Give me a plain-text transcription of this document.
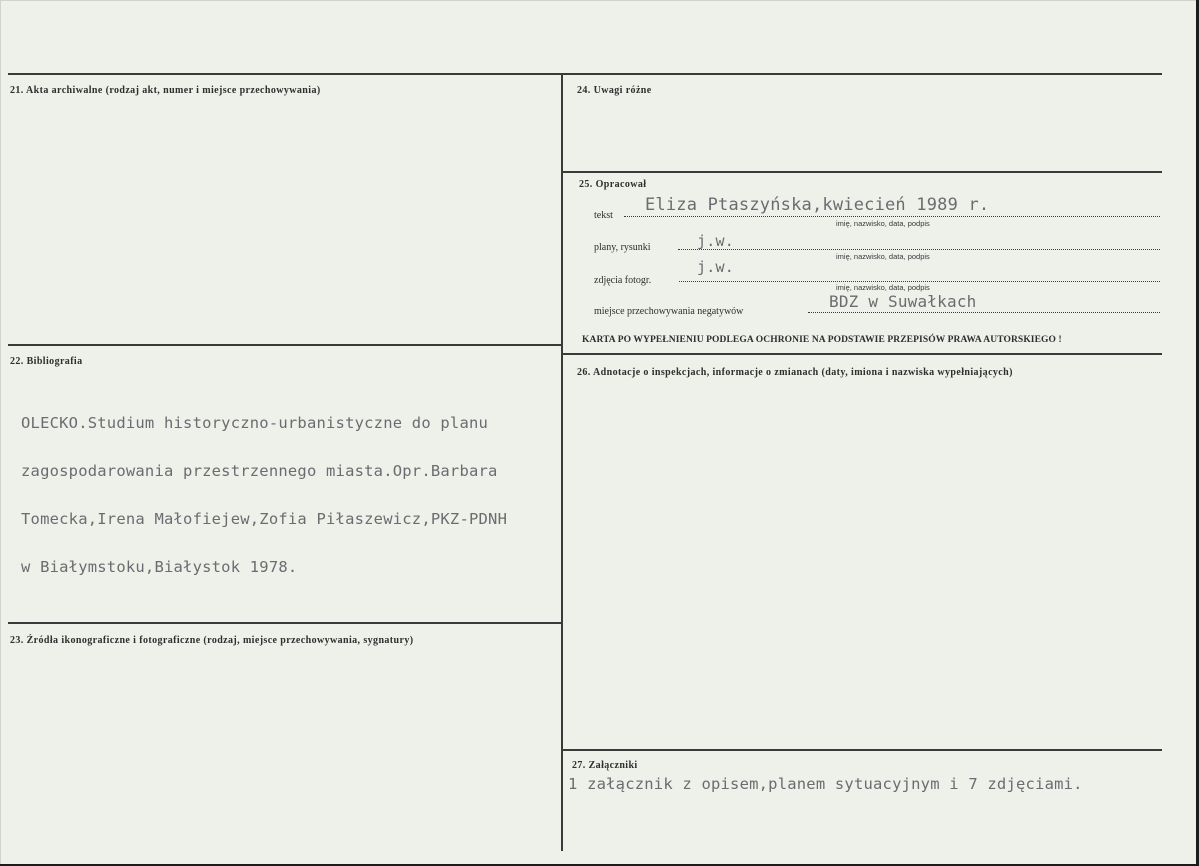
21. Akta archiwalne (rodzaj akt, numer i miejsce przechowywania)
22. Bibliografia

OLECKO.Studium historyczno-urbanistyczne do planu

zagospodarowania przestrzennego miasta.Opr.Barbara

Tomecka,Irena Małofiejew,Zofia Piłaszewicz,PKZ-PDNH

w Białymstoku,Białystok 1978.

23. Źródła ikonograficzne i fotograficzne (rodzaj, miejsce przechowywania, sygnatury)
24. Uwagi różne
25. Opracował
tekst
Eliza Ptaszyńska,kwiecień 1989 r.
imię, nazwisko, data, podpis
plany, rysunki	j.w.
imię, nazwisko, data, podpis
zdjęcia fotogr.
j.w.
imię, nazwisko, data, podpis
miejsce przechowywania negatywów
BDZ w Suwałkach
KARTA PO WYPEŁNIENIU PODLEGA OCHRONIE NA PODSTAWIE PRZEPISÓW PRAWA AUTORSKIEGO !
26. Adnotacje o inspekcjach, informacje o zmianach (daty, imiona i nazwiska wypełniających)
27. Załączniki
1 załącznik z opisem,planem sytuacyjnym i 7 zdjęciami.
